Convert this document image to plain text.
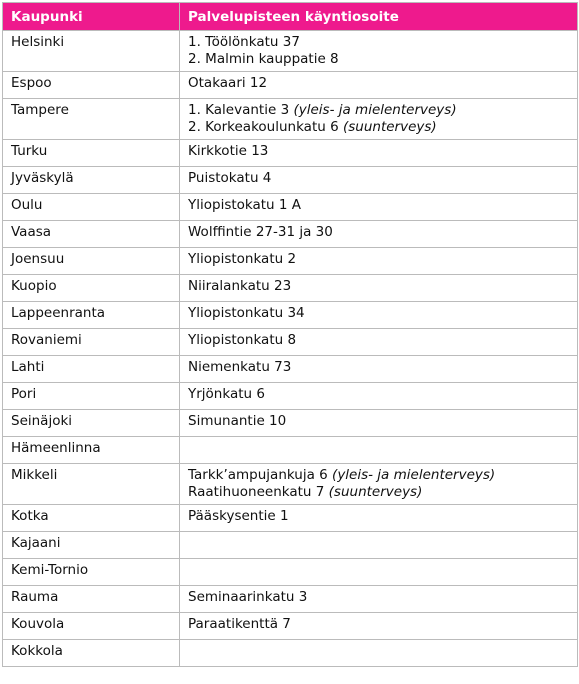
Kaupunki	Palvelupisteen käyntiosoite
Helsinki	1. Töölönkatu 37
2. Malmin kauppatie 8

Espoo	Otakaari 12

Tampere	1. Kalevantie 3 (yleis- ja mielenterveys)
2. Korkeakoulunkatu 6 (suunterveys)

Turku	Kirkkotie 13

Jyväskylä	Puistokatu 4

Oulu	Yliopistokatu 1 A

Vaasa	Wolffintie 27-31 ja 30

Joensuu	Yliopistonkatu 2

Kuopio	Niiralankatu 23

Lappeenranta	Yliopistonkatu 34

Rovaniemi	Yliopistonkatu 8

Lahti	Niemenkatu 73

Pori	Yrjönkatu 6

Seinäjoki	Simunantie 10

Hämeenlinna	
Mikkeli	Tarkk’ampujankuja 6 (yleis- ja mielenterveys)
Raatihuoneenkatu 7 (suunterveys)

Kotka	Pääskysentie 1

Kajaani	
Kemi-Tornio	
Rauma	Seminaarinkatu 3

Kouvola	Paraatikenttä 7

Kokkola	
